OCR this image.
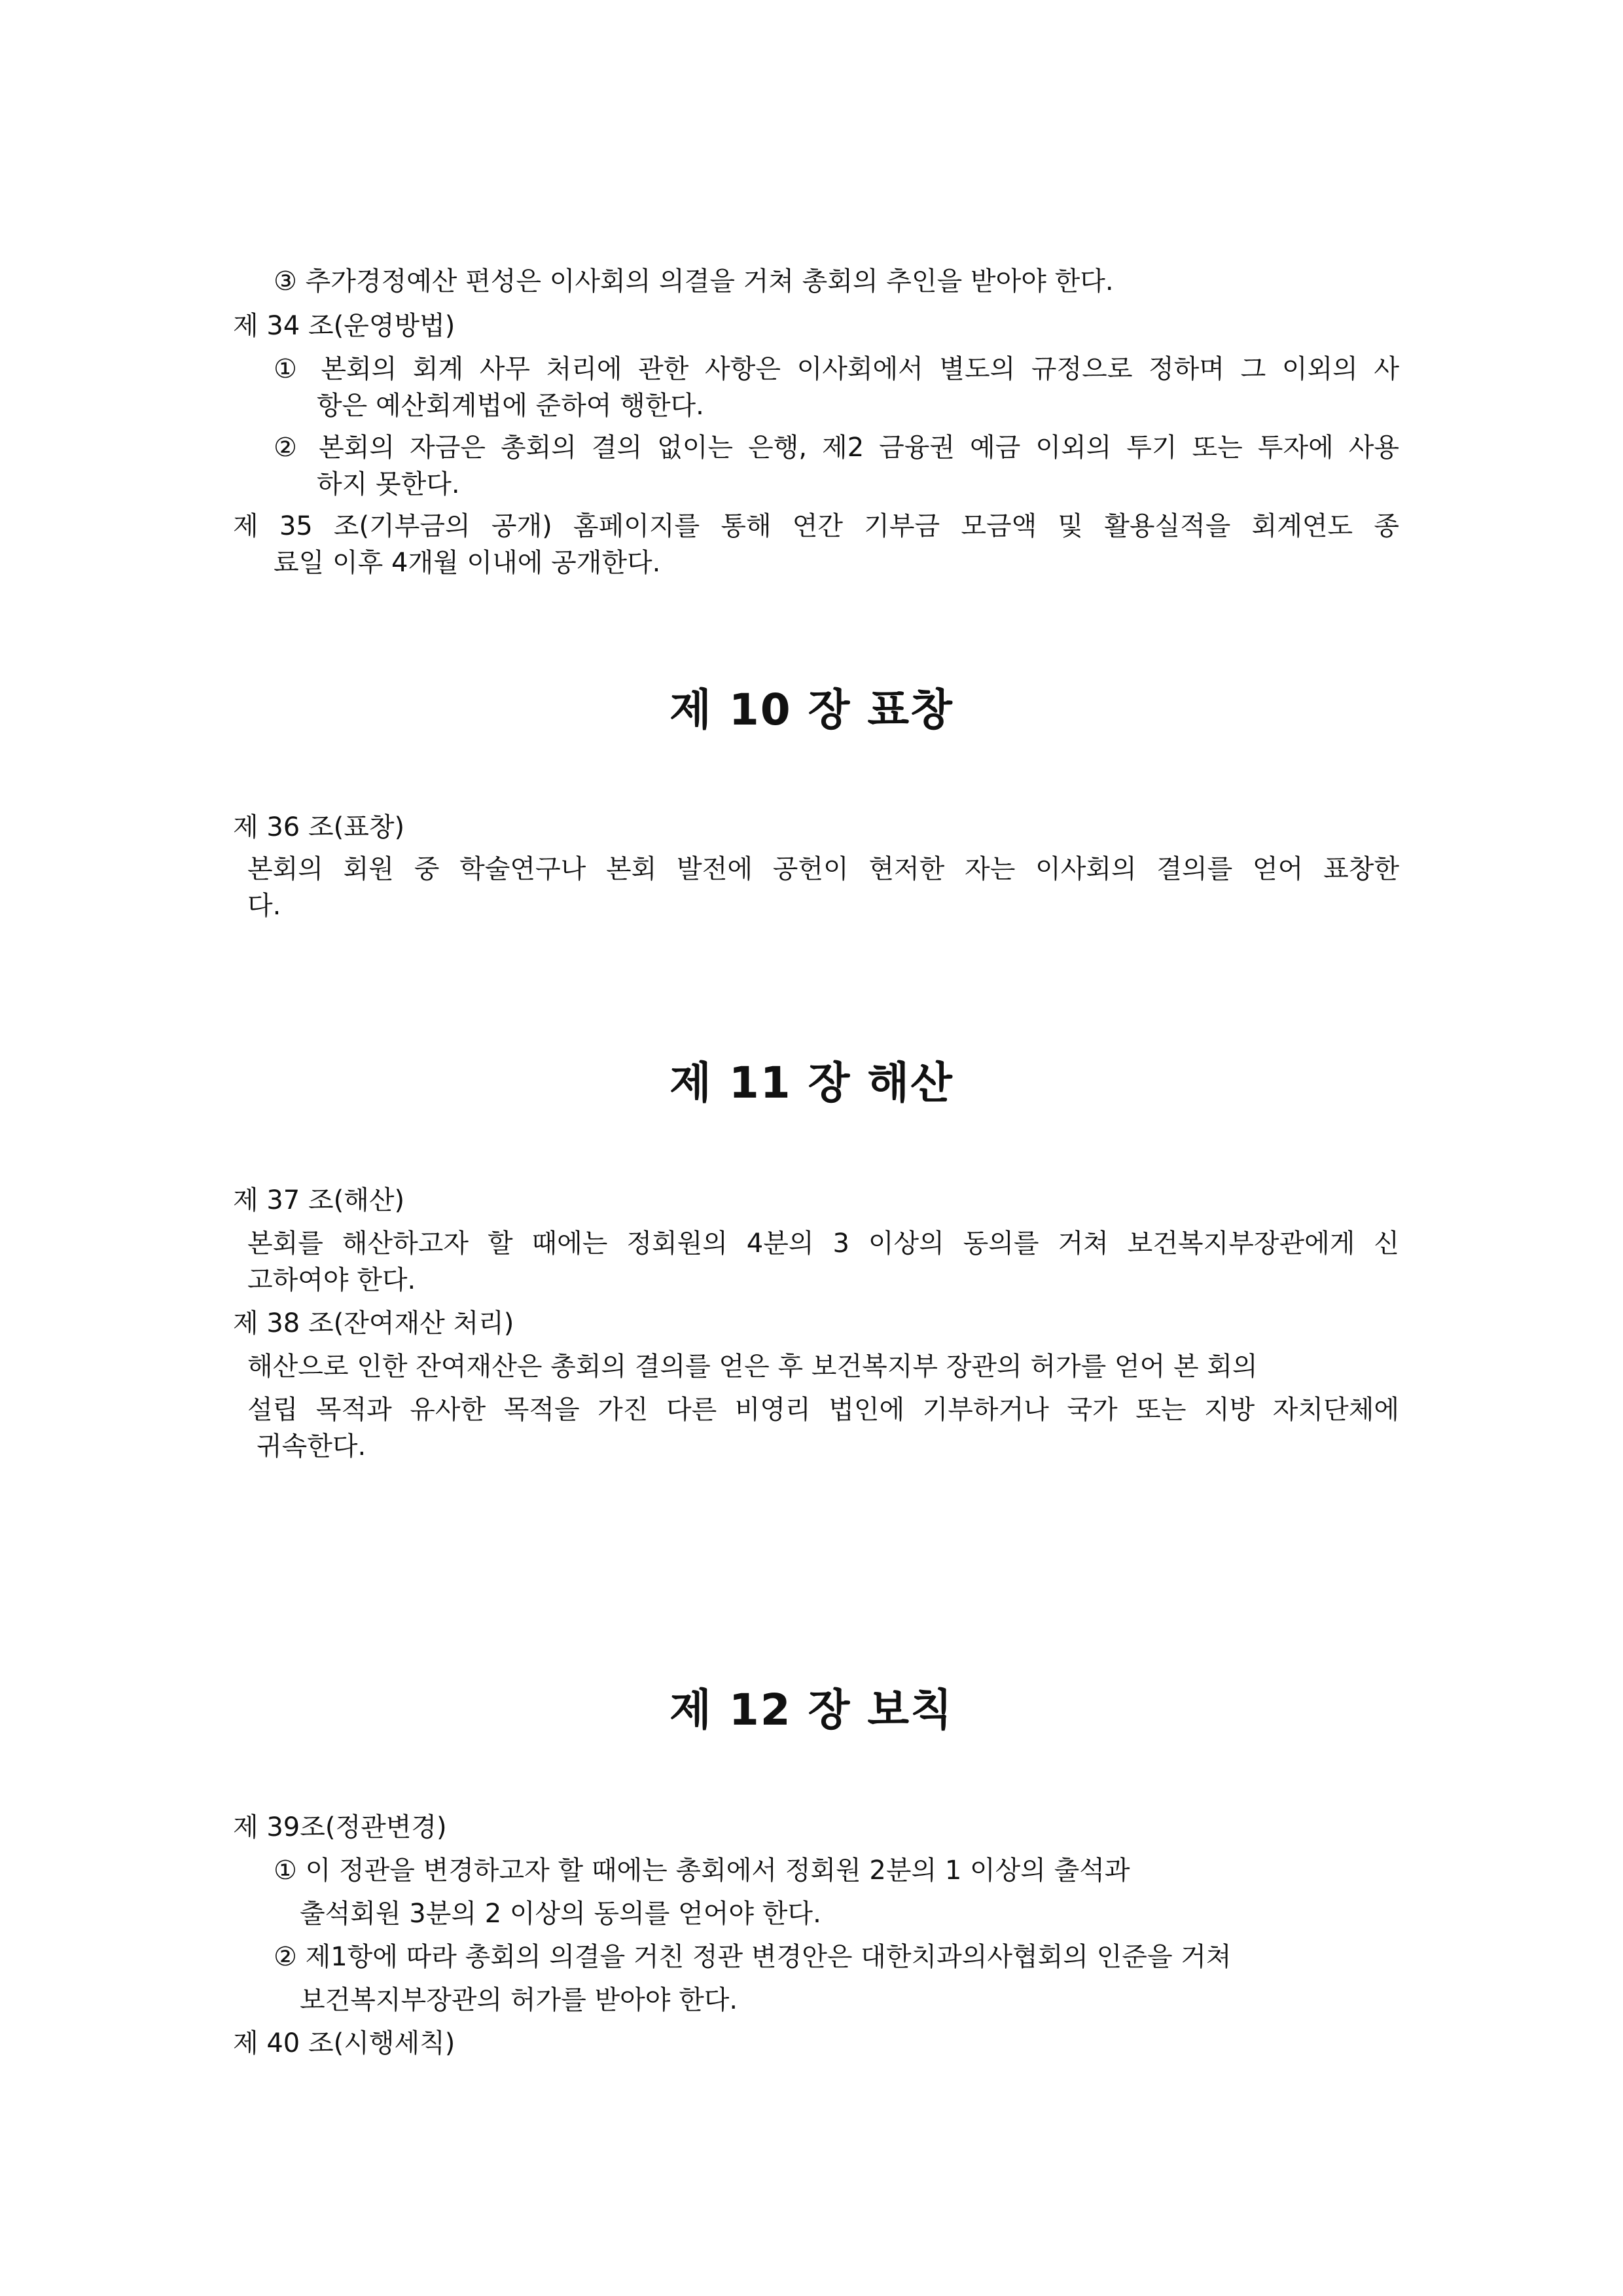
③ 추가경정예산 편성은 이사회의 의결을 거쳐 총회의 추인을 받아야 한다.
제 34 조(운영방법)
① 본회의 회계 사무 처리에 관한 사항은 이사회에서 별도의 규정으로 정하며 그 이외의 사
항은 예산회계법에 준하여 행한다.
② 본회의 자금은 총회의 결의 없이는 은행, 제2 금융권 예금 이외의 투기 또는 투자에 사용
하지 못한다.
제 35 조(기부금의 공개) 홈페이지를 통해 연간 기부금 모금액 및 활용실적을 회계연도 종
료일 이후 4개월 이내에 공개한다.
제 10 장 표창
제 36 조(표창)
본회의 회원 중 학술연구나 본회 발전에 공헌이 현저한 자는 이사회의 결의를 얻어 표창한
다.
제 11 장 해산
제 37 조(해산)
본회를 해산하고자 할 때에는 정회원의 4분의 3 이상의 동의를 거쳐 보건복지부장관에게 신
고하여야 한다.
제 38 조(잔여재산 처리)
해산으로 인한 잔여재산은 총회의 결의를 얻은 후 보건복지부 장관의 허가를 얻어 본 회의
설립 목적과 유사한 목적을 가진 다른 비영리 법인에 기부하거나 국가 또는 지방 자치단체에
귀속한다.
제 12 장 보칙
제 39조(정관변경)
① 이 정관을 변경하고자 할 때에는 총회에서 정회원 2분의 1 이상의 출석과
출석회원 3분의 2 이상의 동의를 얻어야 한다.
② 제1항에 따라 총회의 의결을 거친 정관 변경안은 대한치과의사협회의 인준을 거쳐
보건복지부장관의 허가를 받아야 한다.
제 40 조(시행세칙)
